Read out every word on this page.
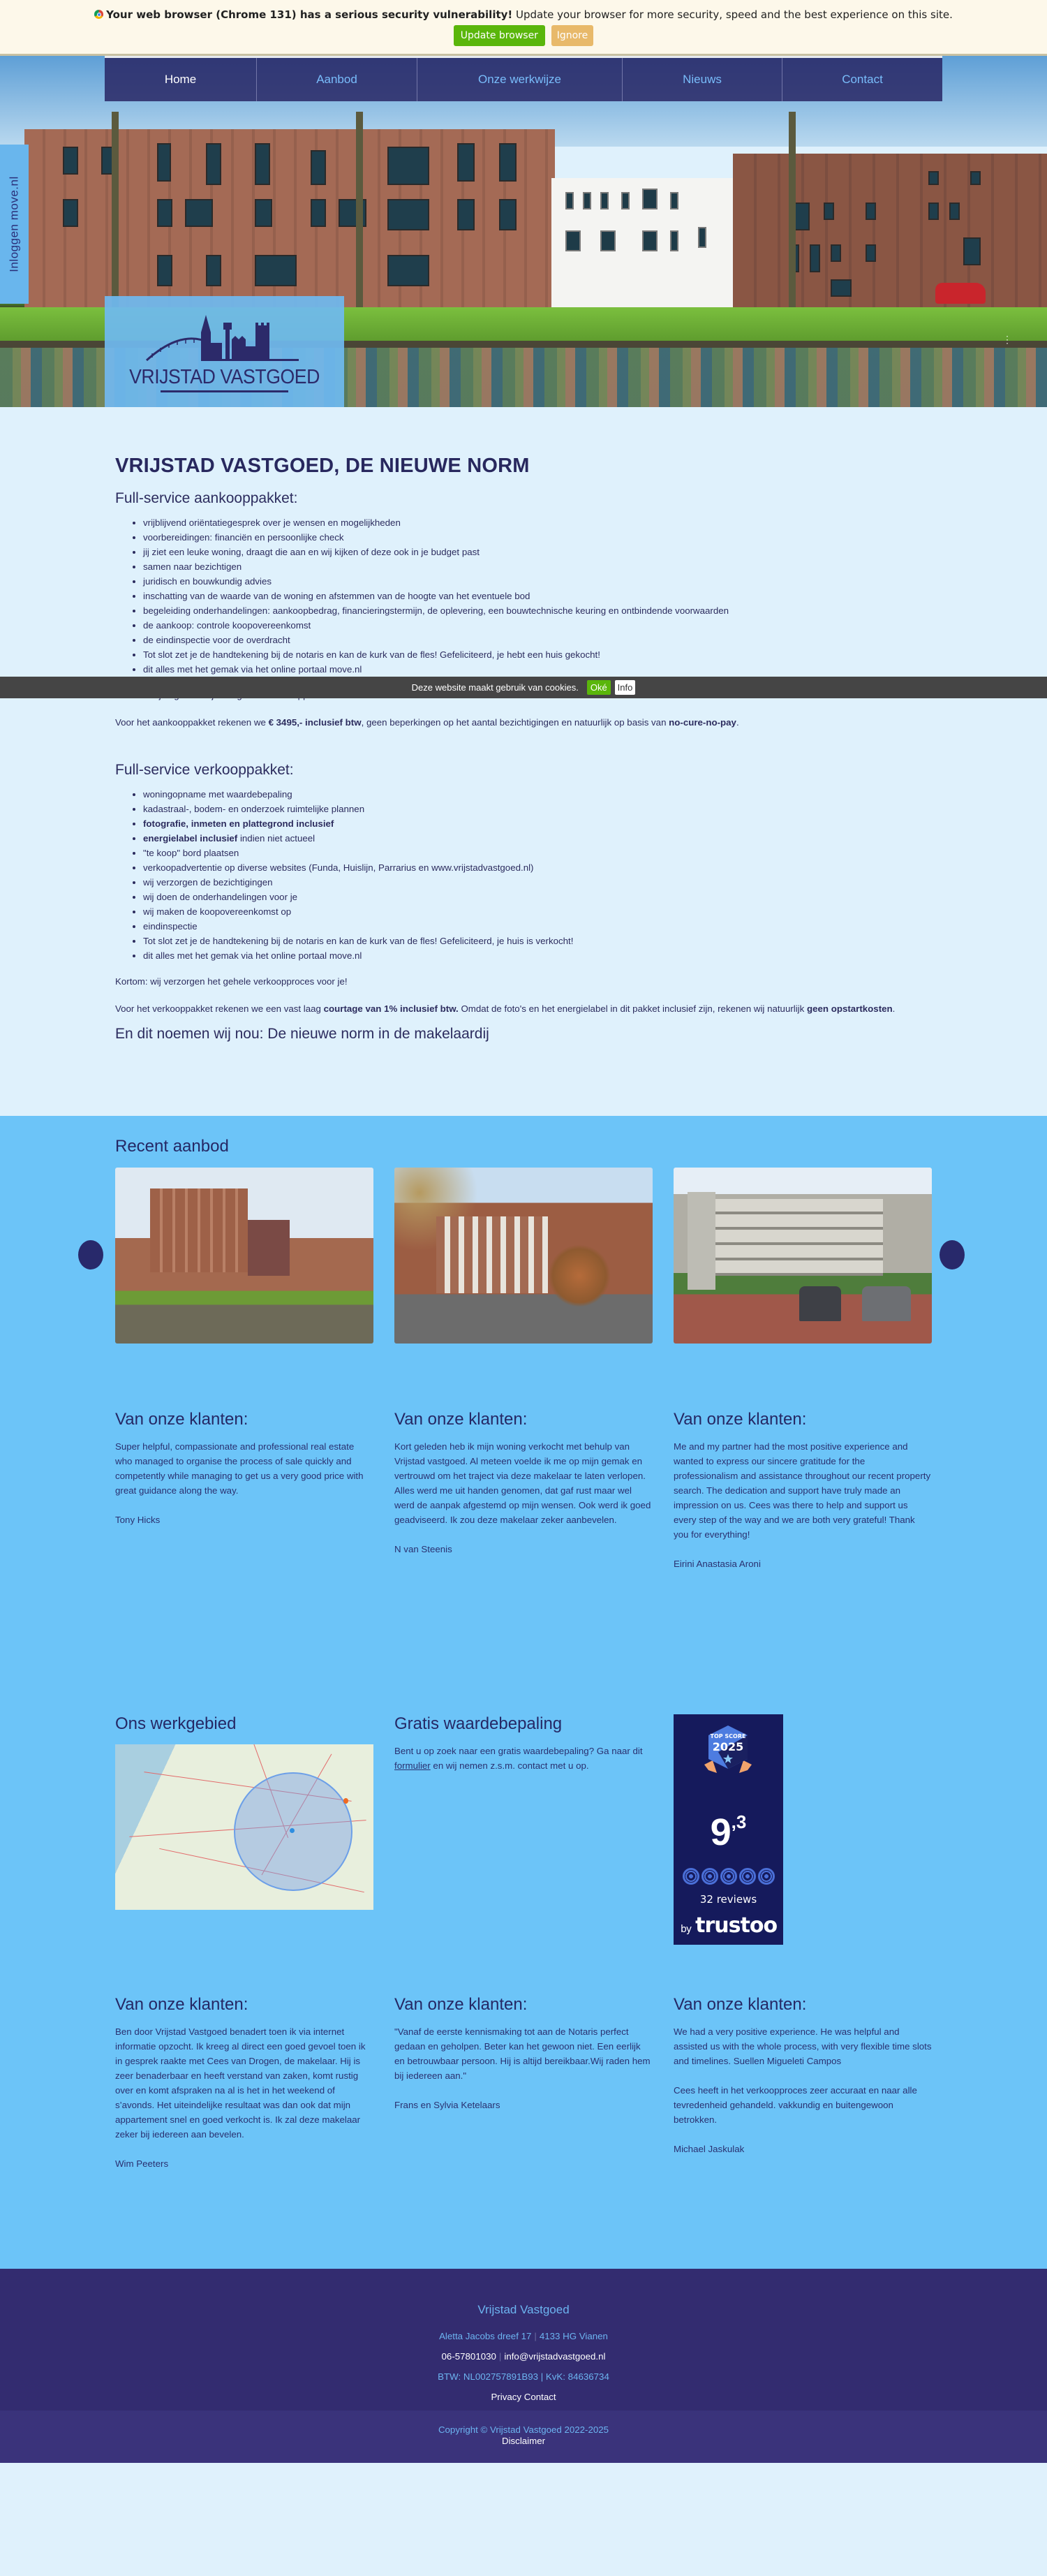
Your web browser (Chrome 131) has a serious security vulnerability! Update your browser for more security, speed and the best experience on this site.
Update browser Ignore
Home	Aanbod	Onze werkwijze	Nieuws	Contact
Inloggen move.nl
VRIJSTAD VASTGOED
⋮
VRIJSTAD VASTGOED, DE NIEUWE NORM
Full-service aankooppakket:
• vrijblijvend oriëntatiegesprek over je wensen en mogelijkheden
• voorbereidingen: financiën en persoonlijke check
• jij ziet een leuke woning, draagt die aan en wij kijken of deze ook in je budget past
• samen naar bezichtigen
• juridisch en bouwkundig advies
• inschatting van de waarde van de woning en afstemmen van de hoogte van het eventuele bod
• begeleiding onderhandelingen: aankoopbedrag, financieringstermijn, de oplevering, een bouwtechnische keuring en ontbindende voorwaarden
• de aankoop: controle koopovereenkomst
• de eindinspectie voor de overdracht
• Tot slot zet je de handtekening bij de notaris en kan de kurk van de fles! Gefeliciteerd, je hebt een huis gekocht!
• dit alles met het gemak via het online portaal move.nl

Voor het aankooppakket rekenen we € 3495,- inclusief btw, geen beperkingen op het aantal bezichtigingen en natuurlijk op basis van no-cure-no-pay.

Full-service verkooppakket:
• woningopname met waardebepaling
• kadastraal-, bodem- en onderzoek ruimtelijke plannen
• fotografie, inmeten en plattegrond inclusief
• energielabel inclusief indien niet actueel
• "te koop" bord plaatsen
• verkoopadvertentie op diverse websites (Funda, Huislijn, Parrarius en www.vrijstadvastgoed.nl)
• wij verzorgen de bezichtigingen
• wij doen de onderhandelingen voor je
• wij maken de koopovereenkomst op
• eindinspectie
• Tot slot zet je de handtekening bij de notaris en kan de kurk van de fles! Gefeliciteerd, je huis is verkocht!
• dit alles met het gemak via het online portaal move.nl

Kortom: wij verzorgen het gehele verkoopproces voor je!

Voor het verkooppakket rekenen we een vast laag courtage van 1% inclusief btw. Omdat de foto's en het energielabel in dit pakket inclusief zijn, rekenen wij natuurlijk geen opstartkosten.

En dit noemen wij nou: De nieuwe norm in de makelaardij
Deze website maakt gebruik van cookies.	Oké	Info
Recent aanbod
Van onze klanten:

Super helpful, compassionate and professional real estate who managed to organise the process of sale quickly and competently while managing to get us a very good price with great guidance along the way.

Tony Hicks

Van onze klanten:

Kort geleden heb ik mijn woning verkocht met behulp van Vrijstad vastgoed. Al meteen voelde ik me op mijn gemak en vertrouwd om het traject via deze makelaar te laten verlopen. Alles werd me uit handen genomen, dat gaf rust maar wel werd de aanpak afgestemd op mijn wensen. Ook werd ik goed geadviseerd. Ik zou deze makelaar zeker aanbevelen.

N van Steenis

Van onze klanten:

Me and my partner had the most positive experience and wanted to express our sincere gratitude for the professionalism and assistance throughout our recent property search. The dedication and support have truly made an impression on us. Cees was there to help and support us every step of the way and we are both very grateful! Thank you for everything!

Eirini Anastasia Aroni

Ons werkgebied	Gratis waardebepaling

Bent u op zoek naar een gratis waardebepaling? Ga naar dit formulier en wij nemen z.s.m. contact met u op.

TOP SCORE
2025
$9^{,3}$
32 reviews
by trustoo
Van onze klanten:

Ben door Vrijstad Vastgoed benadert toen ik via internet informatie opzocht. Ik kreeg al direct een goed gevoel toen ik in gesprek raakte met Cees van Drogen, de makelaar. Hij is zeer benaderbaar en heeft verstand van zaken, komt rustig over en komt afspraken na al is het in het weekend of s’avonds. Het uiteindelijke resultaat was dan ook dat mijn appartement snel en goed verkocht is. Ik zal deze makelaar zeker bij iedereen aan bevelen.

Wim Peeters

Van onze klanten:

"Vanaf de eerste kennismaking tot aan de Notaris perfect gedaan en geholpen. Beter kan het gewoon niet. Een eerlijk en betrouwbaar persoon. Hij is altijd bereikbaar.Wij raden hem bij iedereen aan."

Frans en Sylvia Ketelaars

Van onze klanten:

We had a very positive experience. He was helpful and assisted us with the whole process, with very flexible time slots and timelines. Suellen Migueleti Campos

Cees heeft in het verkoopproces zeer accuraat en naar alle tevredenheid gehandeld. vakkundig en buitengewoon betrokken.

Michael Jaskulak

Vrijstad Vastgoed
Aletta Jacobs dreef 17 | 4133 HG Vianen
06-57801030 | info@vrijstadvastgoed.nl
BTW: NL002757891B93 | KvK: 84636734
Privacy Contact
Copyright © Vrijstad Vastgoed 2022-2025
Disclaimer
